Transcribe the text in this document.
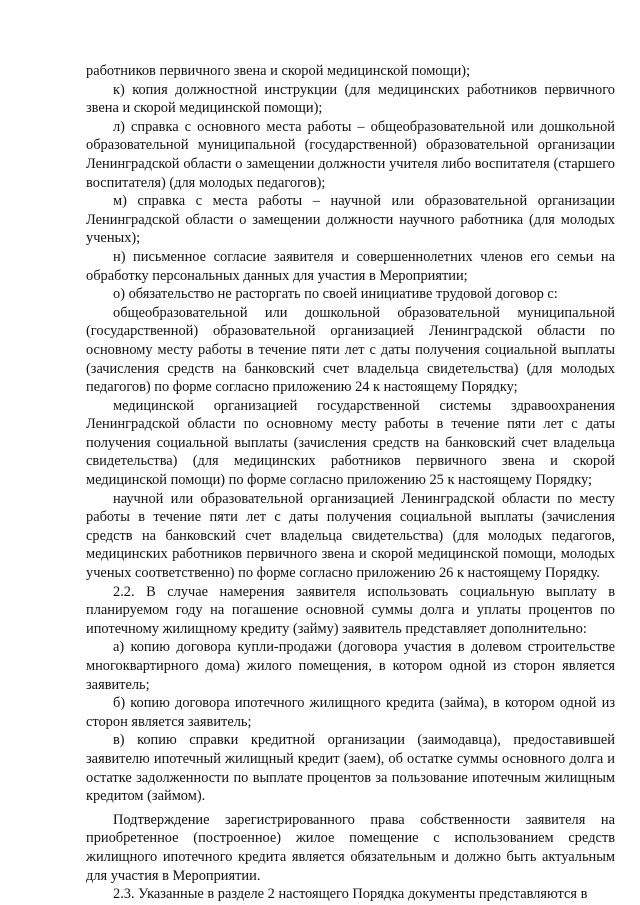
работников первичного звена и скорой медицинской помощи);

к) копия должностной инструкции (для медицинских работников первичного звена и скорой медицинской помощи);

л) справка с основного места работы – общеобразовательной или дошкольной образовательной муниципальной (государственной) образовательной организации Ленинградской области о замещении должности учителя либо воспитателя (старшего воспитателя) (для молодых педагогов);

м) справка с места работы – научной или образовательной организации Ленинградской области о замещении должности научного работника (для молодых ученых);

н) письменное согласие заявителя и совершеннолетних членов его семьи на обработку персональных данных для участия в Мероприятии;

о) обязательство не расторгать по своей инициативе трудовой договор с:

общеобразовательной или дошкольной образовательной муниципальной (государственной) образовательной организацией Ленинградской области по основному месту работы в течение пяти лет с даты получения социальной выплаты (зачисления средств на банковский счет владельца свидетельства) (для молодых педагогов) по форме согласно приложению 24 к настоящему Порядку;

медицинской организацией государственной системы здравоохранения Ленинградской области по основному месту работы в течение пяти лет с даты получения социальной выплаты (зачисления средств на банковский счет владельца свидетельства) (для медицинских работников первичного звена и скорой медицинской помощи) по форме согласно приложению 25 к настоящему Порядку;

научной или образовательной организацией Ленинградской области по месту работы в течение пяти лет с даты получения социальной выплаты (зачисления средств на банковский счет владельца свидетельства) (для молодых педагогов, медицинских работников первичного звена и скорой медицинской помощи, молодых ученых соответственно) по форме согласно приложению 26 к настоящему Порядку.

2.2. В случае намерения заявителя использовать социальную выплату в планируемом году на погашение основной суммы долга и уплаты процентов по ипотечному жилищному кредиту (займу) заявитель представляет дополнительно:

а) копию договора купли-продажи (договора участия в долевом строительстве многоквартирного дома) жилого помещения, в котором одной из сторон является заявитель;

б) копию договора ипотечного жилищного кредита (займа), в котором одной из сторон является заявитель;

в) копию справки кредитной организации (заимодавца), предоставившей заявителю ипотечный жилищный кредит (заем), об остатке суммы основного долга и остатке задолженности по выплате процентов за пользование ипотечным жилищным кредитом (займом).

Подтверждение зарегистрированного права собственности заявителя на приобретенное (построенное) жилое помещение с использованием средств жилищного ипотечного кредита является обязательным и должно быть актуальным для участия в Мероприятии.

2.3. Указанные в разделе 2 настоящего Порядка документы представляются в
